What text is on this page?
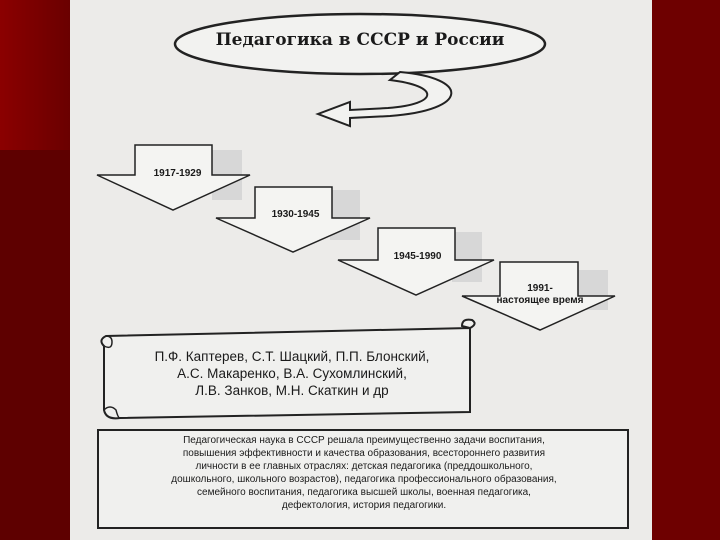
Педагогика в СССР и России
1917-1929
1930-1945
1945-1990
1991-
настоящее время
П.Ф. Каптерев, С.Т. Шацкий, П.П. Блонский,
А.С. Макаренко, В.А. Сухомлинский,
Л.В. Занков, М.Н. Скаткин и др
Педагогическая наука в СССР решала преимущественно задачи воспитания,
повышения эффективности и качества образования, всестороннего развития
личности в ее главных отраслях: детская педагогика (преддошкольного,
дошкольного, школьного возрастов), педагогика профессионального образования,
семейного воспитания, педагогика высшей школы, военная педагогика,
дефектология, история педагогики.
